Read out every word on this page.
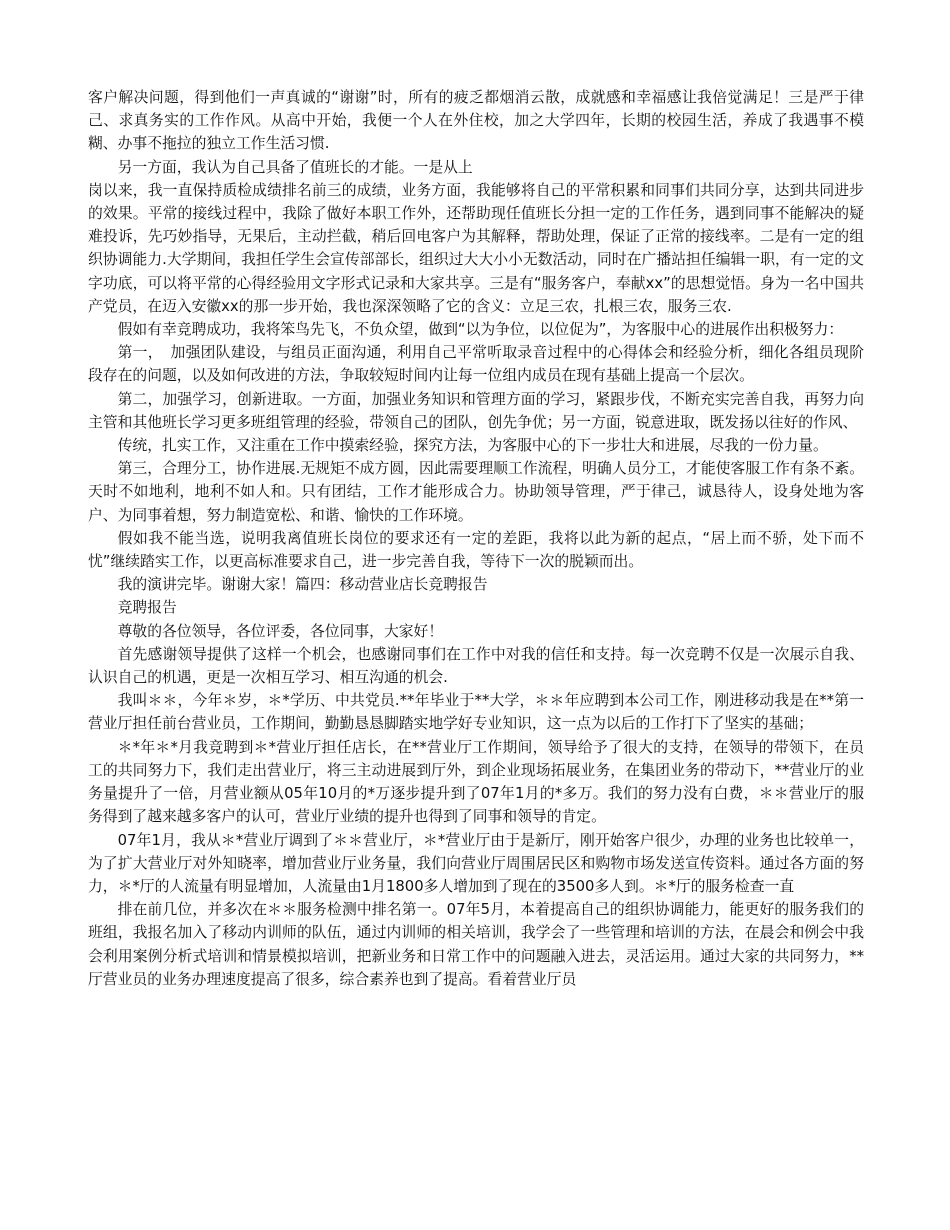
客户解决问题，得到他们一声真诚的“谢谢”时，所有的疲乏都烟消云散，成就感和幸福感让我倍觉满足！三是严于律己、求真务实的工作作风。从高中开始，我便一个人在外住校，加之大学四年，长期的校园生活，养成了我遇事不模糊、办事不拖拉的独立工作生活习惯.

另一方面，我认为自己具备了值班长的才能。一是从上

岗以来，我一直保持质检成绩排名前三的成绩，业务方面，我能够将自己的平常积累和同事们共同分享，达到共同进步的效果。平常的接线过程中，我除了做好本职工作外，还帮助现任值班长分担一定的工作任务，遇到同事不能解决的疑难投诉，先巧妙指导，无果后，主动拦截，稍后回电客户为其解释，帮助处理，保证了正常的接线率。二是有一定的组织协调能力.大学期间，我担任学生会宣传部部长，组织过大大小小无数活动，同时在广播站担任编辑一职，有一定的文字功底，可以将平常的心得经验用文字形式记录和大家共享。三是有“服务客户，奉献xx”的思想觉悟。身为一名中国共产党员，在迈入安徽xx的那一步开始，我也深深领略了它的含义：立足三农，扎根三农，服务三农.

假如有幸竞聘成功，我将笨鸟先飞，不负众望，做到“以为争位，以位促为”，为客服中心的进展作出积极努力：

第一，　加强团队建设，与组员正面沟通，利用自己平常听取录音过程中的心得体会和经验分析，细化各组员现阶段存在的问题，以及如何改进的方法，争取较短时间内让每一位组内成员在现有基础上提高一个层次。

第二，加强学习，创新进取。一方面，加强业务知识和管理方面的学习，紧跟步伐，不断充实完善自我，再努力向主管和其他班长学习更多班组管理的经验，带领自己的团队，创先争优；另一方面，锐意进取，既发扬以往好的作风、

传统，扎实工作，又注重在工作中摸索经验，探究方法，为客服中心的下一步壮大和进展，尽我的一份力量。

第三，合理分工，协作进展.无规矩不成方圆，因此需要理顺工作流程，明确人员分工，才能使客服工作有条不紊。天时不如地利，地利不如人和。只有团结，工作才能形成合力。协助领导管理，严于律己，诚恳待人，设身处地为客户、为同事着想，努力制造宽松、和谐、愉快的工作环境。

假如我不能当选，说明我离值班长岗位的要求还有一定的差距，我将以此为新的起点，“居上而不骄，处下而不忧”继续踏实工作，以更高标准要求自己，进一步完善自我，等待下一次的脱颖而出。

我的演讲完毕。谢谢大家！篇四：移动营业店长竞聘报告

竞聘报告

尊敬的各位领导，各位评委，各位同事，大家好！

首先感谢领导提供了这样一个机会，也感谢同事们在工作中对我的信任和支持。每一次竞聘不仅是一次展示自我、认识自己的机遇，更是一次相互学习、相互沟通的机会.

我叫＊＊，今年＊岁，＊*学历、中共党员.**年毕业于**大学，＊＊年应聘到本公司工作，刚进移动我是在**第一营业厅担任前台营业员，工作期间，勤勤恳恳脚踏实地学好专业知识，这一点为以后的工作打下了坚实的基础；

＊*年＊*月我竞聘到＊*营业厅担任店长，在**营业厅工作期间，领导给予了很大的支持，在领导的带领下，在员工的共同努力下，我们走出营业厅，将三主动进展到厅外，到企业现场拓展业务，在集团业务的带动下，**营业厅的业务量提升了一倍，月营业额从05年10月的*万逐步提升到了07年1月的*多万。我们的努力没有白费，＊＊营业厅的服务得到了越来越多客户的认可，营业厅业绩的提升也得到了同事和领导的肯定。

07年1月，我从＊*营业厅调到了＊＊营业厅，＊*营业厅由于是新厅，刚开始客户很少，办理的业务也比较单一，为了扩大营业厅对外知晓率，增加营业厅业务量，我们向营业厅周围居民区和购物市场发送宣传资料。通过各方面的努力，＊*厅的人流量有明显增加，人流量由1月1800多人增加到了现在的3500多人到。＊*厅的服务检查一直

排在前几位，并多次在＊＊服务检测中排名第一。07年5月，本着提高自己的组织协调能力，能更好的服务我们的班组，我报名加入了移动内训师的队伍，通过内训师的相关培训，我学会了一些管理和培训的方法，在晨会和例会中我会利用案例分析式培训和情景模拟培训，把新业务和日常工作中的问题融入进去，灵活运用。通过大家的共同努力，**厅营业员的业务办理速度提高了很多，综合素养也到了提高。看着营业厅员
